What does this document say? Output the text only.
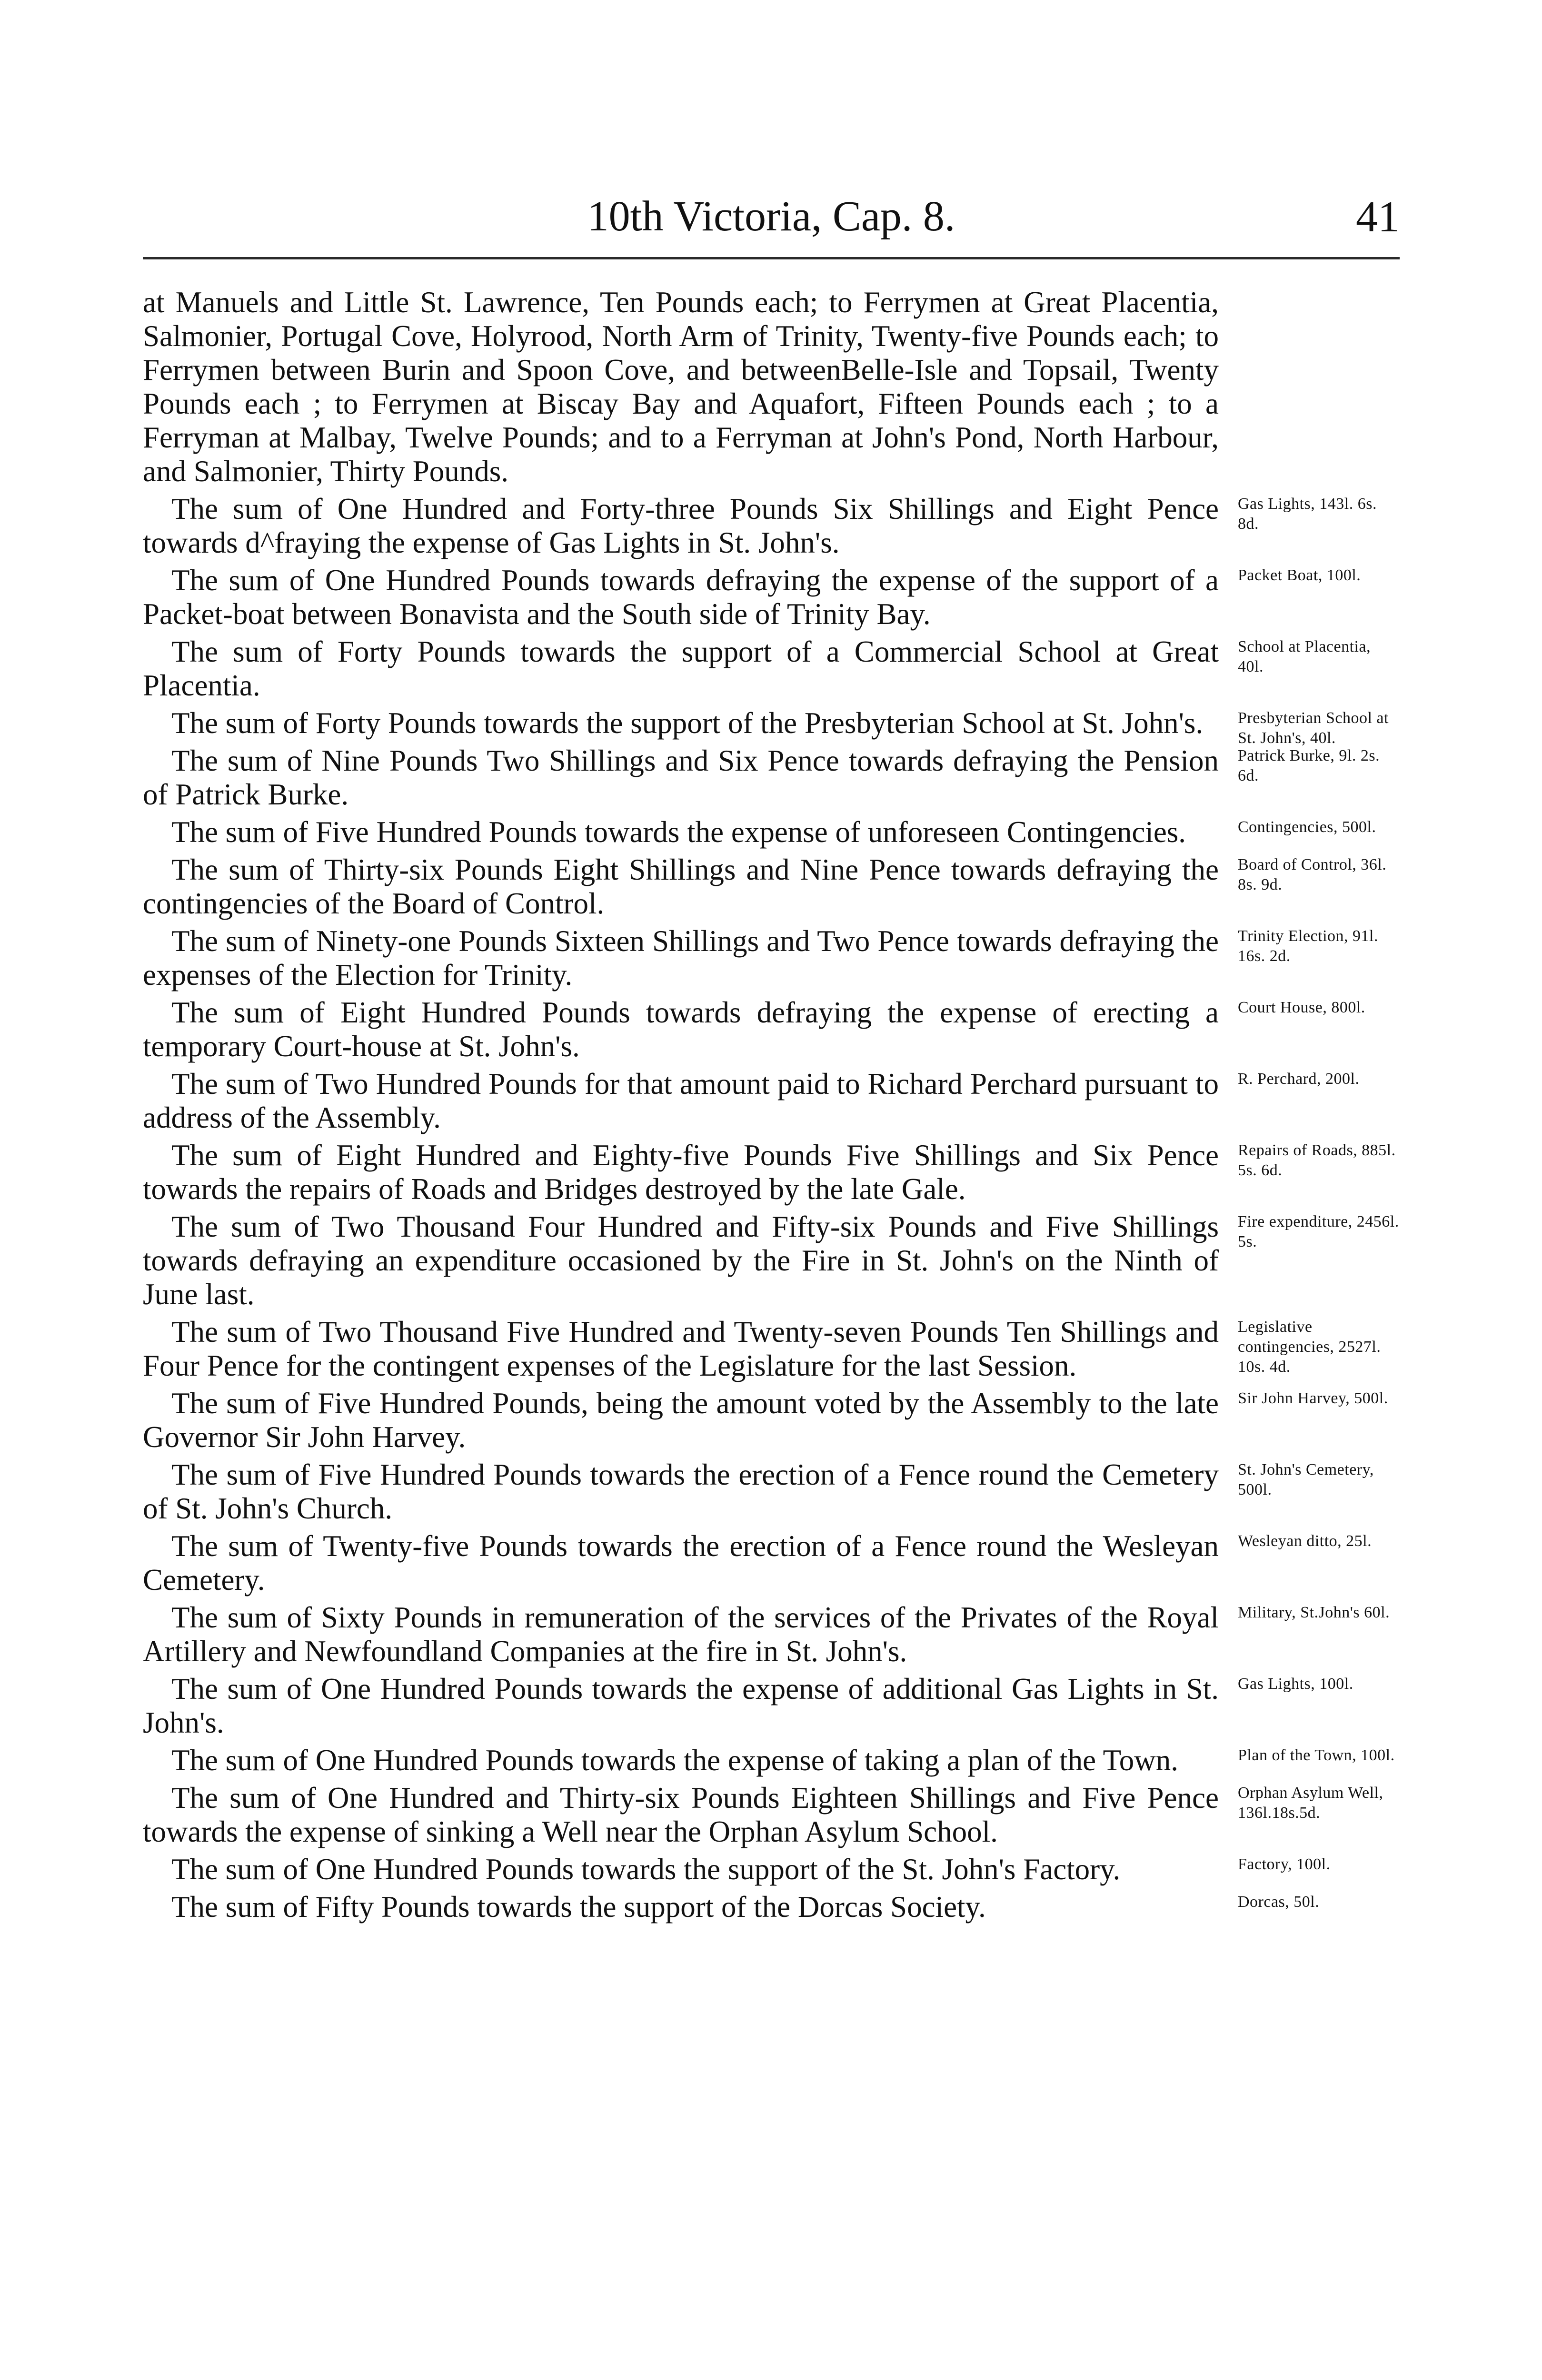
10th Victoria, Cap. 8.	41

at Manuels and Little St. Lawrence, Ten Pounds each; to Ferrymen at Great Placentia, Salmonier, Portugal Cove, Holyrood, North Arm of Trinity, Twenty-five Pounds each; to Ferrymen between Burin and Spoon Cove, and betweenBelle-Isle and Topsail, Twenty Pounds each ; to Ferrymen at Biscay Bay and Aquafort, Fifteen Pounds each ; to a Ferryman at Malbay, Twelve Pounds; and to a Ferryman at John's Pond, North Harbour, and Salmonier, Thirty Pounds.

The sum of One Hundred and Forty-three Pounds Six Shillings and Eight Pence towards d^fraying the expense of Gas Lights in St. John's.

Gas Lights, 143l. 6s. 8d.

The sum of One Hundred Pounds towards defraying the expense of the support of a Packet-boat between Bonavista and the South side of Trinity Bay.

Packet Boat, 100l.

The sum of Forty Pounds towards the support of a Commercial School at Great Placentia.

School at Placentia, 40l.

The sum of Forty Pounds towards the support of the Presbyterian School at St. John's.	Presbyterian School at St. John's, 40l.

The sum of Nine Pounds Two Shillings and Six Pence towards defraying the Pension of Patrick Burke.

Patrick Burke, 9l. 2s. 6d.

The sum of Five Hundred Pounds towards the expense of unforeseen Contingencies.	Contingencies, 500l.

The sum of Thirty-six Pounds Eight Shillings and Nine Pence towards defraying the contingencies of the Board of Control.

Board of Control, 36l. 8s. 9d.

The sum of Ninety-one Pounds Sixteen Shillings and Two Pence towards defraying the expenses of the Election for Trinity.

Trinity Election, 91l. 16s. 2d.

The sum of Eight Hundred Pounds towards defraying the expense of erecting a temporary Court-house at St. John's.

Court House, 800l.

The sum of Two Hundred Pounds for that amount paid to Richard Perchard pursuant to address of the Assembly.

R. Perchard, 200l.

The sum of Eight Hundred and Eighty-five Pounds Five Shillings and Six Pence towards the repairs of Roads and Bridges destroyed by the late Gale.

Repairs of Roads, 885l. 5s. 6d.

The sum of Two Thousand Four Hundred and Fifty-six Pounds and Five Shillings towards defraying an expenditure occasioned by the Fire in St. John's on the Ninth of June last.

Fire expenditure, 2456l. 5s.

The sum of Two Thousand Five Hundred and Twenty-seven Pounds Ten Shillings and Four Pence for the contingent expenses of the Legislature for the last Session.

Legislative contingencies, 2527l. 10s. 4d.

The sum of Five Hundred Pounds, being the amount voted by the Assembly to the late Governor Sir John Harvey.

Sir John Harvey, 500l.

The sum of Five Hundred Pounds towards the erection of a Fence round the Cemetery of St. John's Church.

St. John's Cemetery, 500l.

The sum of Twenty-five Pounds towards the erection of a Fence round the Wesleyan Cemetery.

Wesleyan ditto, 25l.

The sum of Sixty Pounds in remuneration of the services of the Privates of the Royal Artillery and Newfoundland Companies at the fire in St. John's.

Military, St.John's 60l.

The sum of One Hundred Pounds towards the expense of additional Gas Lights in St. John's.

Gas Lights, 100l.

The sum of One Hundred Pounds towards the expense of taking a plan of the Town.	Plan of the Town, 100l.

The sum of One Hundred and Thirty-six Pounds Eighteen Shillings and Five Pence towards the expense of sinking a Well near the Orphan Asylum School.

Orphan Asylum Well, 136l.18s.5d.

The sum of One Hundred Pounds towards the support of the St. John's Factory.	Factory, 100l.

The sum of Fifty Pounds towards the support of the Dorcas Society.	Dorcas, 50l.
